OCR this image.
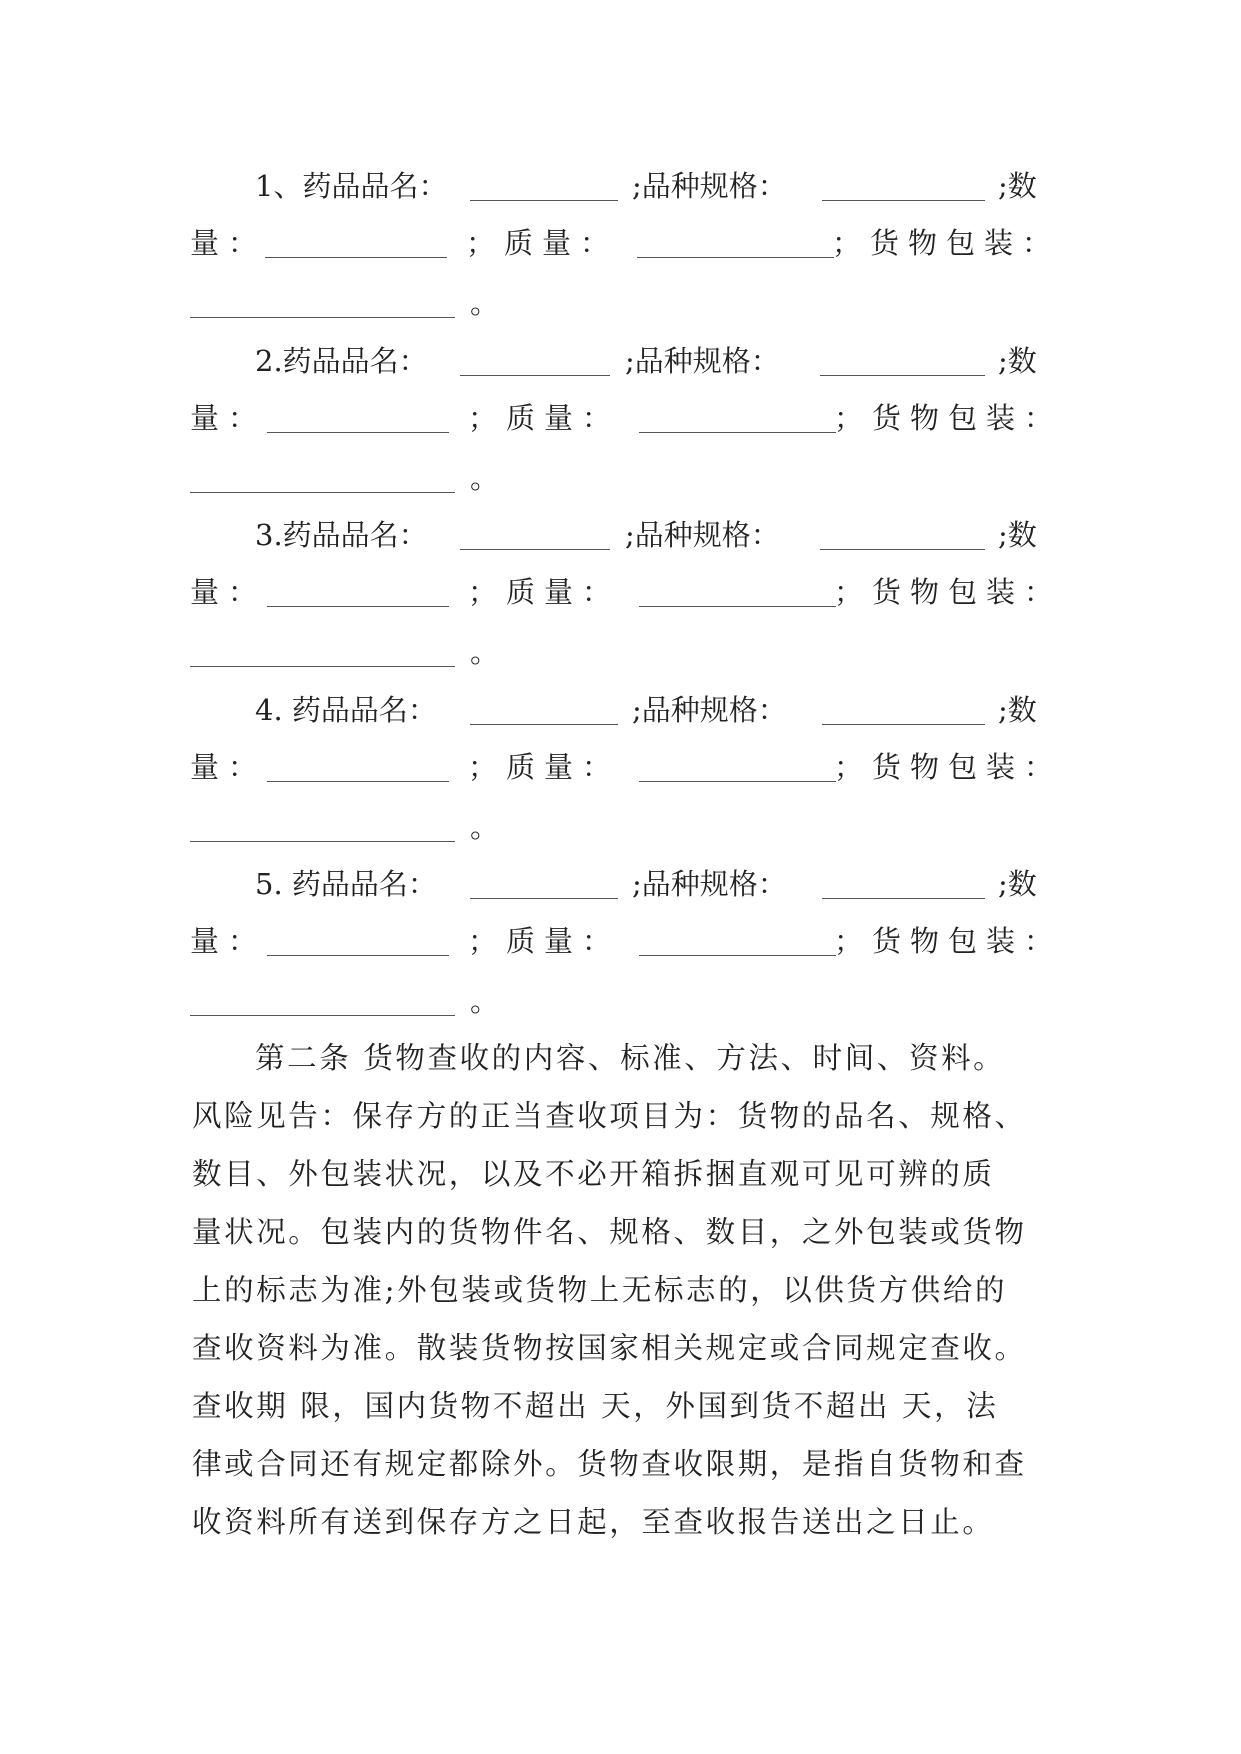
1、药品品名：	;品种规格：	;数
量：	；质量：	；货物包装：
。
2.药品品名：	;品种规格：	;数
量：	；质量：	；货物包装：
。
3.药品品名：	;品种规格：	;数
量：	；质量：	；货物包装：
。
4. 药品品名：	;品种规格：	;数
量：	；质量：	；货物包装：
。
5. 药品品名：	;品种规格：	;数
量：	；质量：	；货物包装：
。
第二条 货物查收的内容、标准、方法、时间、资料。
风险见告：保存方的正当查收项目为：货物的品名、规格、
数目、外包装状况，以及不必开箱拆捆直观可见可辨的质
量状况。包装内的货物件名、规格、数目，之外包装或货物
上的标志为准;外包装或货物上无标志的，以供货方供给的
查收资料为准。散装货物按国家相关规定或合同规定查收。
查收期 限，国内货物不超出 天，外国到货不超出 天，法
律或合同还有规定都除外。货物查收限期，是指自货物和查
收资料所有送到保存方之日起，至查收报告送出之日止。
